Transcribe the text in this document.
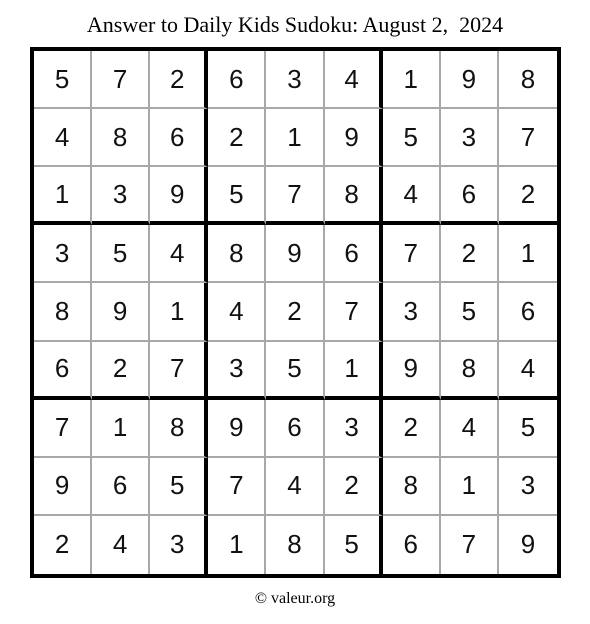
Answer to Daily Kids Sudoku: August 2,  2024
5	7	2	6	3	4	1	9	8
4	8	6	2	1	9	5	3	7
1	3	9	5	7	8	4	6	2
3	5	4	8	9	6	7	2	1
8	9	1	4	2	7	3	5	6
6	2	7	3	5	1	9	8	4
7	1	8	9	6	3	2	4	5
9	6	5	7	4	2	8	1	3
2	4	3	1	8	5	6	7	9
© valeur.org
